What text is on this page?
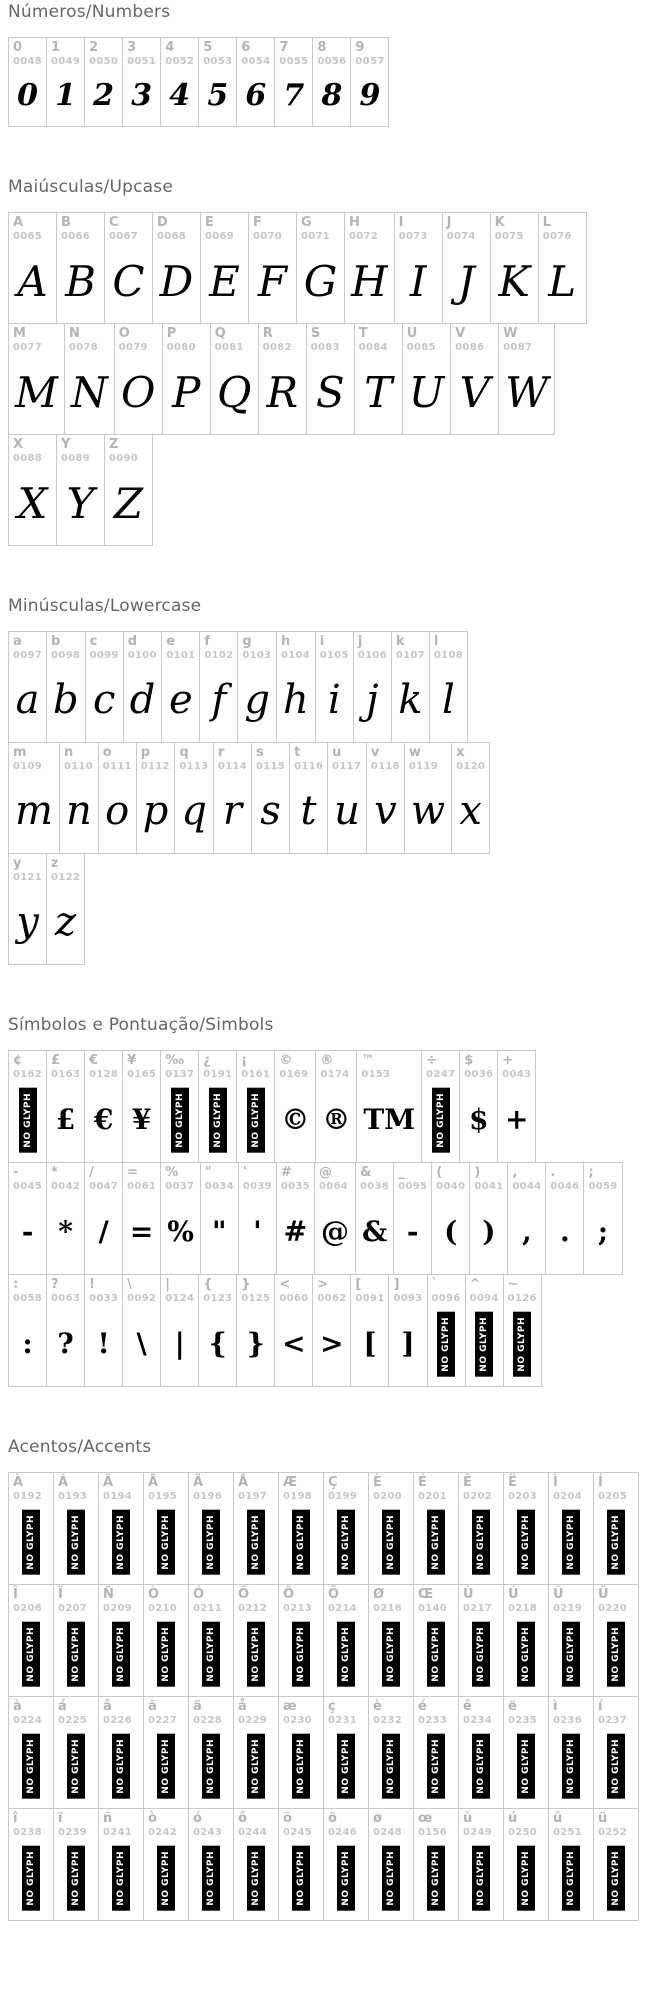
Números/Numbers
0
0048
0
1
0049
1
2
0050
2
3
0051
3
4
0052
4
5
0053
5
6
0054
6
7
0055
7
8
0056
8
9
0057
9
Maiúsculas/Upcase
A
0065
A
B
0066
B
C
0067
C
D
0068
D
E
0069
E
F
0070
F
G
0071
G
H
0072
H
I
0073
I
J
0074
J
K
0075
K
L
0076
L
M
0077
M
N
0078
N
O
0079
O
P
0080
P
Q
0081
Q
R
0082
R
S
0083
S
T
0084
T
U
0085
U
V
0086
V
W
0087
W
X
0088
X
Y
0089
Y
Z
0090
Z
Minúsculas/Lowercase
a
0097
a
b
0098
b
c
0099
c
d
0100
d
e
0101
e
f
0102
f
g
0103
g
h
0104
h
i
0105
i
j
0106
j
k
0107
k
l
0108
l
m
0109
m
n
0110
n
o
0111
o
p
0112
p
q
0113
q
r
0114
r
s
0115
s
t
0116
t
u
0117
u
v
0118
v
w
0119
w
x
0120
x
y
0121
y
z
0122
z
Símbolos e Pontuação/Simbols
¢
0162
NO GLYPH
£
0163
£
€
0128
€
¥
0165
¥
‰
0137
NO GLYPH
¿
0191
NO GLYPH
¡
0161
NO GLYPH
©
0169
©
®
0174
®
™
0153
TM
÷
0247
NO GLYPH
$
0036
$
+
0043
+
-
0045
-
*
0042
*
/
0047
/
=
0061
=
%
0037
%
"
0034
"
'
0039
'
#
0035
#
@
0064
@
&
0038
&
_
0095
-
(
0040
(
)
0041
)
,
0044
,
.
0046
.
;
0059
;
:
0058
:
?
0063
?
!
0033
!
\
0092
\
|
0124
|
{
0123
{
}
0125
}
<
0060
<
>
0062
>
[
0091
[
]
0093
]
`
0096
NO GLYPH
^
0094
NO GLYPH
~
0126
NO GLYPH
Acentos/Accents
À
0192
NO GLYPH
Á
0193
NO GLYPH
Â
0194
NO GLYPH
Ã
0195
NO GLYPH
Ä
0196
NO GLYPH
Å
0197
NO GLYPH
Æ
0198
NO GLYPH
Ç
0199
NO GLYPH
È
0200
NO GLYPH
É
0201
NO GLYPH
Ê
0202
NO GLYPH
Ë
0203
NO GLYPH
Ì
0204
NO GLYPH
Í
0205
NO GLYPH
Î
0206
NO GLYPH
Ï
0207
NO GLYPH
Ñ
0209
NO GLYPH
Ò
0210
NO GLYPH
Ó
0211
NO GLYPH
Ô
0212
NO GLYPH
Õ
0213
NO GLYPH
Ö
0214
NO GLYPH
Ø
0216
NO GLYPH
Œ
0140
NO GLYPH
Ù
0217
NO GLYPH
Ú
0218
NO GLYPH
Û
0219
NO GLYPH
Ü
0220
NO GLYPH
à
0224
NO GLYPH
á
0225
NO GLYPH
â
0226
NO GLYPH
ã
0227
NO GLYPH
ä
0228
NO GLYPH
å
0229
NO GLYPH
æ
0230
NO GLYPH
ç
0231
NO GLYPH
è
0232
NO GLYPH
é
0233
NO GLYPH
ê
0234
NO GLYPH
ë
0235
NO GLYPH
ì
0236
NO GLYPH
í
0237
NO GLYPH
î
0238
NO GLYPH
ï
0239
NO GLYPH
ñ
0241
NO GLYPH
ò
0242
NO GLYPH
ó
0243
NO GLYPH
ô
0244
NO GLYPH
õ
0245
NO GLYPH
ö
0246
NO GLYPH
ø
0248
NO GLYPH
œ
0156
NO GLYPH
ù
0249
NO GLYPH
ú
0250
NO GLYPH
û
0251
NO GLYPH
ü
0252
NO GLYPH
